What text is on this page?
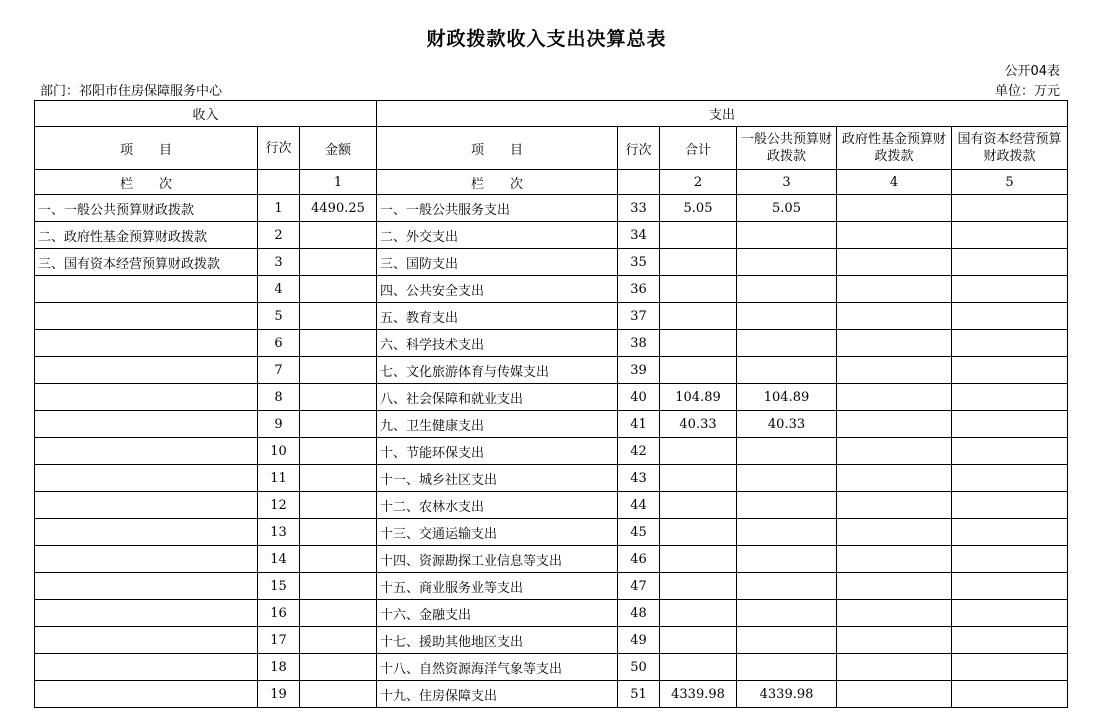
财政拨款收入支出决算总表
公开04表
部门：祁阳市住房保障服务中心	单位：万元
收入			支出					
项　　目	行次	金额	项　　目	行次	合计	一般公共预算财政拨款	政府性基金预算财政拨款	国有资本经营预算财政拨款
栏　　次		1	栏　　次		2	3	4	5
一、一般公共预算财政拨款	1	4490.25	一、一般公共服务支出	33	5.05	5.05		
二、政府性基金预算财政拨款	2		二、外交支出	34				
三、国有资本经营预算财政拨款	3		三、国防支出	35				
	4		四、公共安全支出	36				
	5		五、教育支出	37				
	6		六、科学技术支出	38				
	7		七、文化旅游体育与传媒支出	39				
	8		八、社会保障和就业支出	40	104.89	104.89		
	9		九、卫生健康支出	41	40.33	40.33		
	10		十、节能环保支出	42				
	11		十一、城乡社区支出	43				
	12		十二、农林水支出	44				
	13		十三、交通运输支出	45				
	14		十四、资源勘探工业信息等支出	46				
	15		十五、商业服务业等支出	47				
	16		十六、金融支出	48				
	17		十七、援助其他地区支出	49				
	18		十八、自然资源海洋气象等支出	50				
	19		十九、住房保障支出	51	4339.98	4339.98		
